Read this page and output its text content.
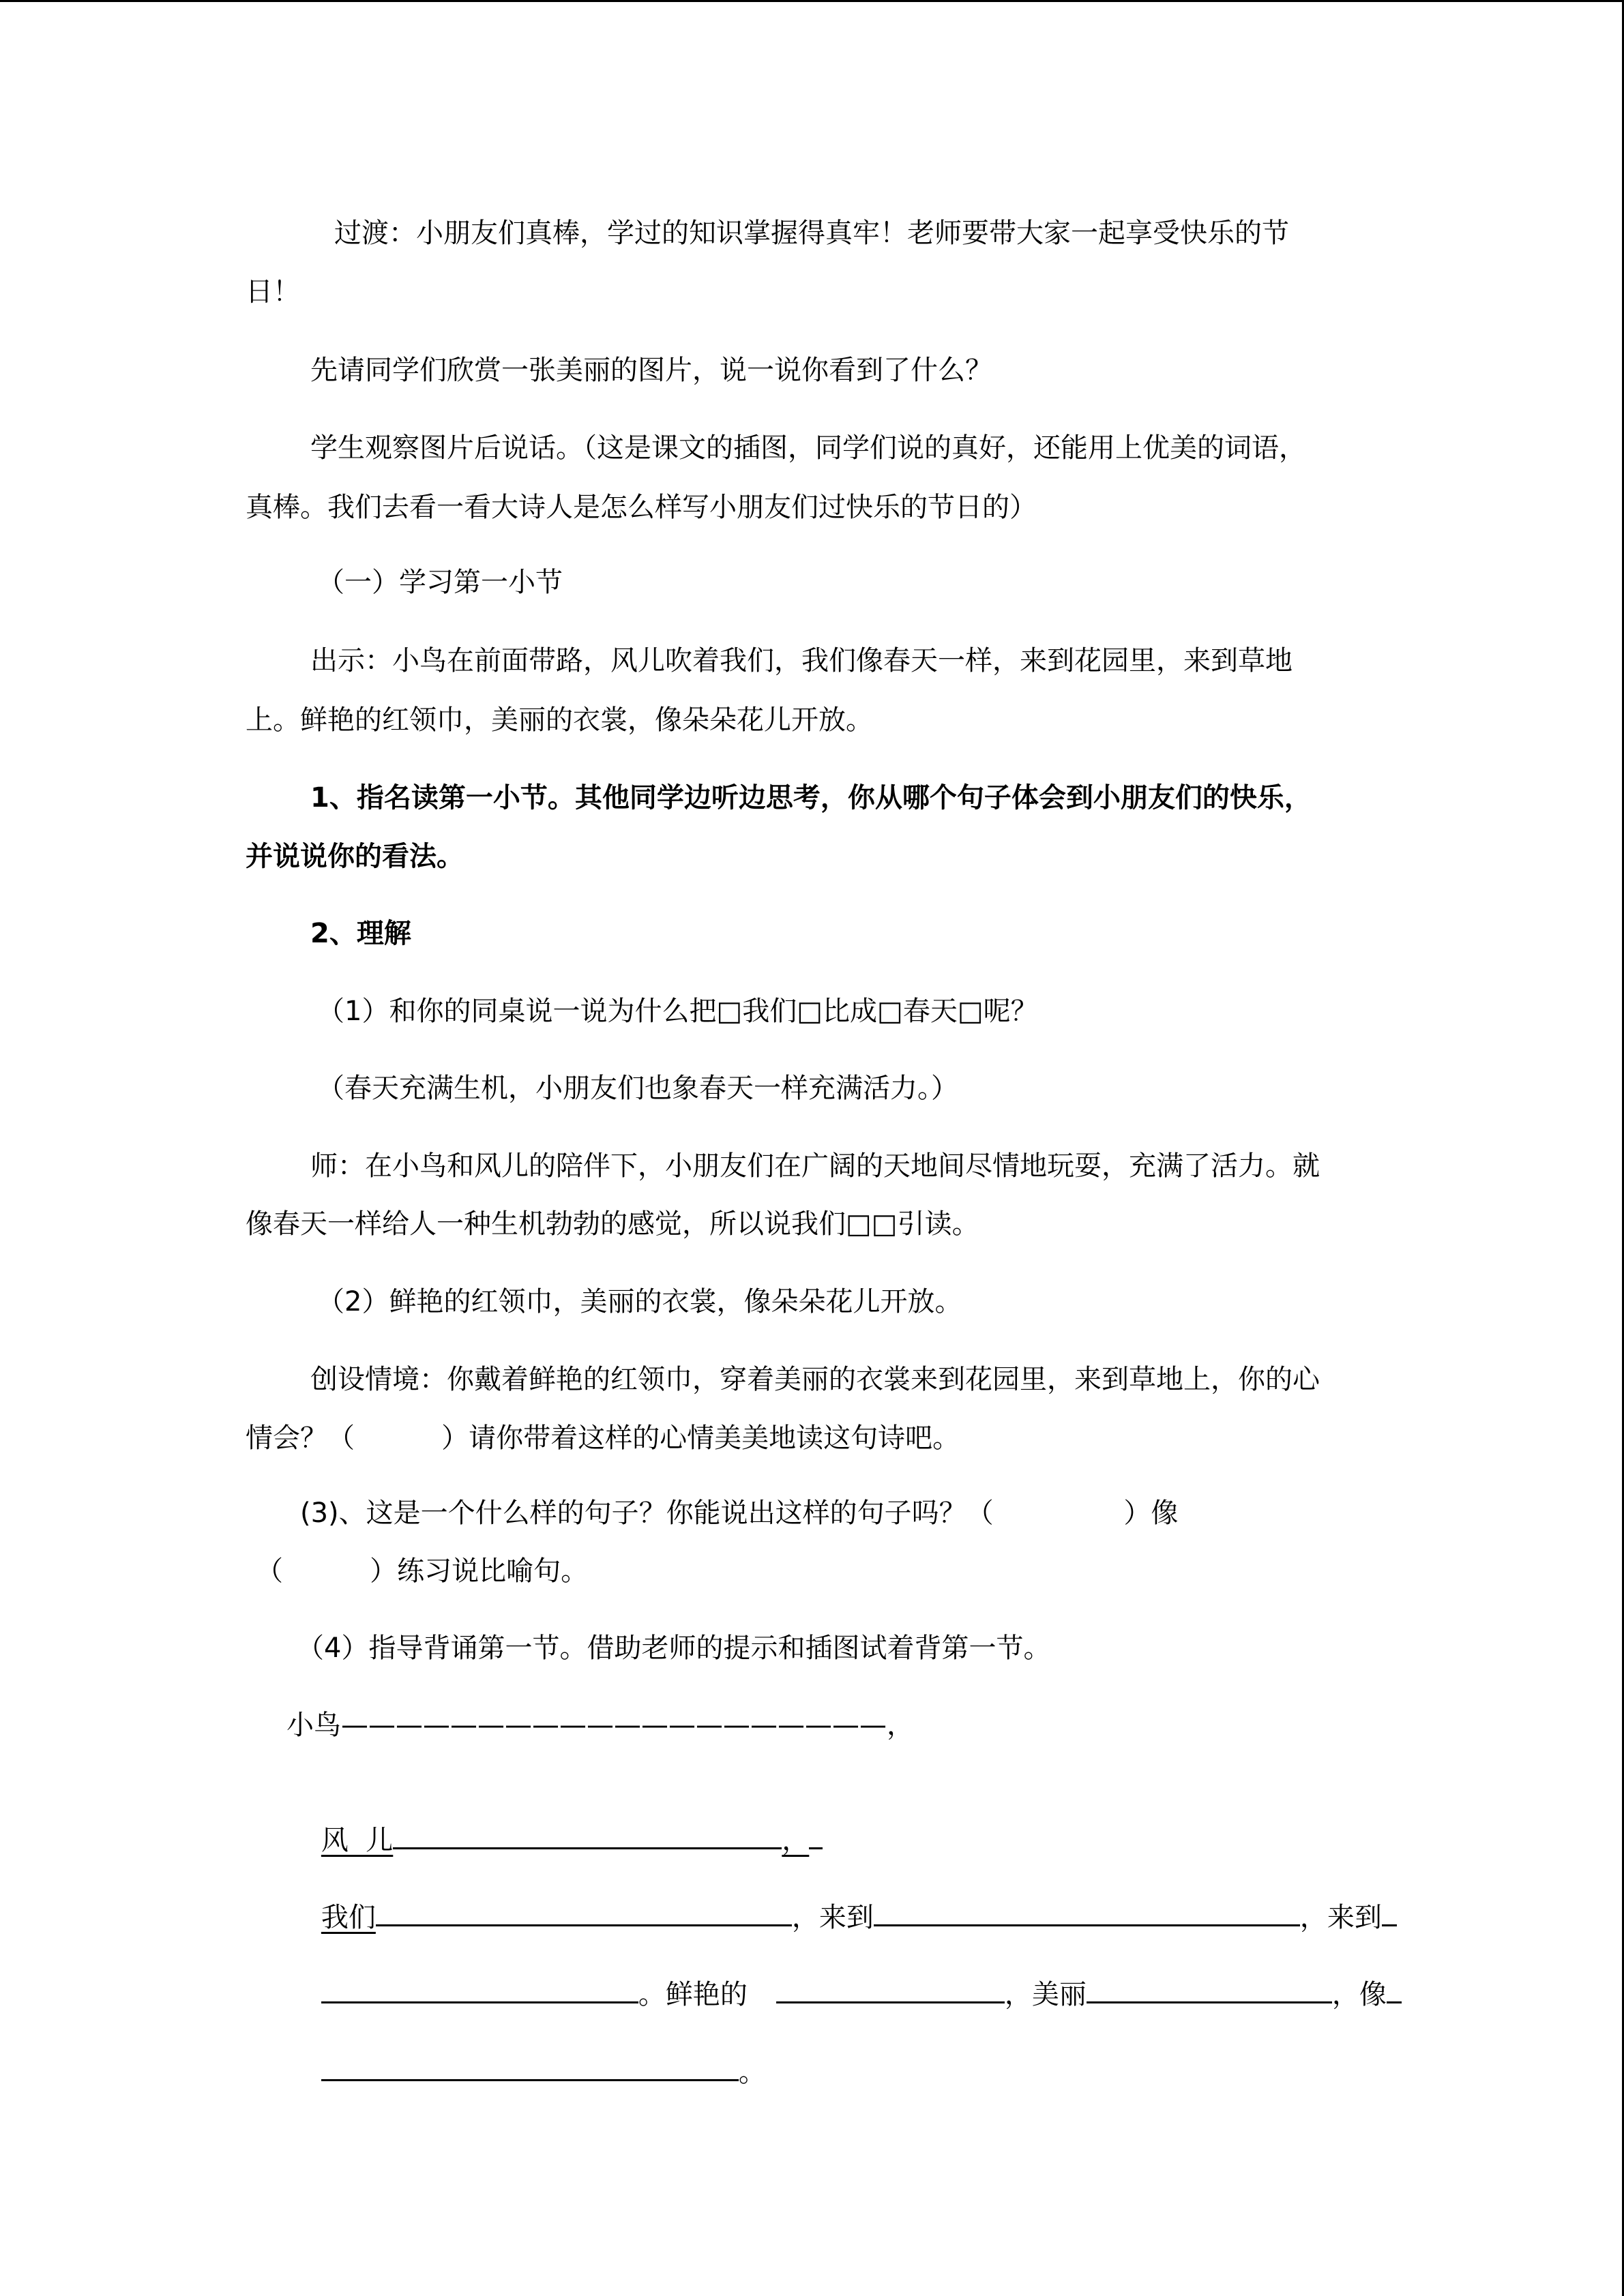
过渡：小朋友们真棒，学过的知识掌握得真牢！老师要带大家一起享受快乐的节
日！
先请同学们欣赏一张美丽的图片，说一说你看到了什么？
学生观察图片后说话。（这是课文的插图，同学们说的真好，还能用上优美的词语，
真棒。我们去看一看大诗人是怎么样写小朋友们过快乐的节日的）
（一）学习第一小节
出示：小鸟在前面带路，风儿吹着我们，我们像春天一样，来到花园里，来到草地
上。鲜艳的红领巾，美丽的衣裳，像朵朵花儿开放。
1、指名读第一小节。其他同学边听边思考，你从哪个句子体会到小朋友们的快乐，
并说说你的看法。
2、理解
（1）和你的同桌说一说为什么把□我们□比成□春天□呢？
（春天充满生机，小朋友们也象春天一样充满活力。）
师：在小鸟和风儿的陪伴下，小朋友们在广阔的天地间尽情地玩耍，充满了活力。就
像春天一样给人一种生机勃勃的感觉，所以说我们□□引读。
（2）鲜艳的红领巾，美丽的衣裳，像朵朵花儿开放。
创设情境：你戴着鲜艳的红领巾，穿着美丽的衣裳来到花园里，来到草地上，你的心
情会？（          ）请你带着这样的心情美美地读这句诗吧。
(3)、这是一个什么样的句子？你能说出这样的句子吗？（               ）像
（          ）练习说比喻句。
（4）指导背诵第一节。借助老师的提示和插图试着背第一节。
小鸟————————————————————，

风  儿	，

我们	，来到	，来到

。鲜艳的	，美丽	，像

。
